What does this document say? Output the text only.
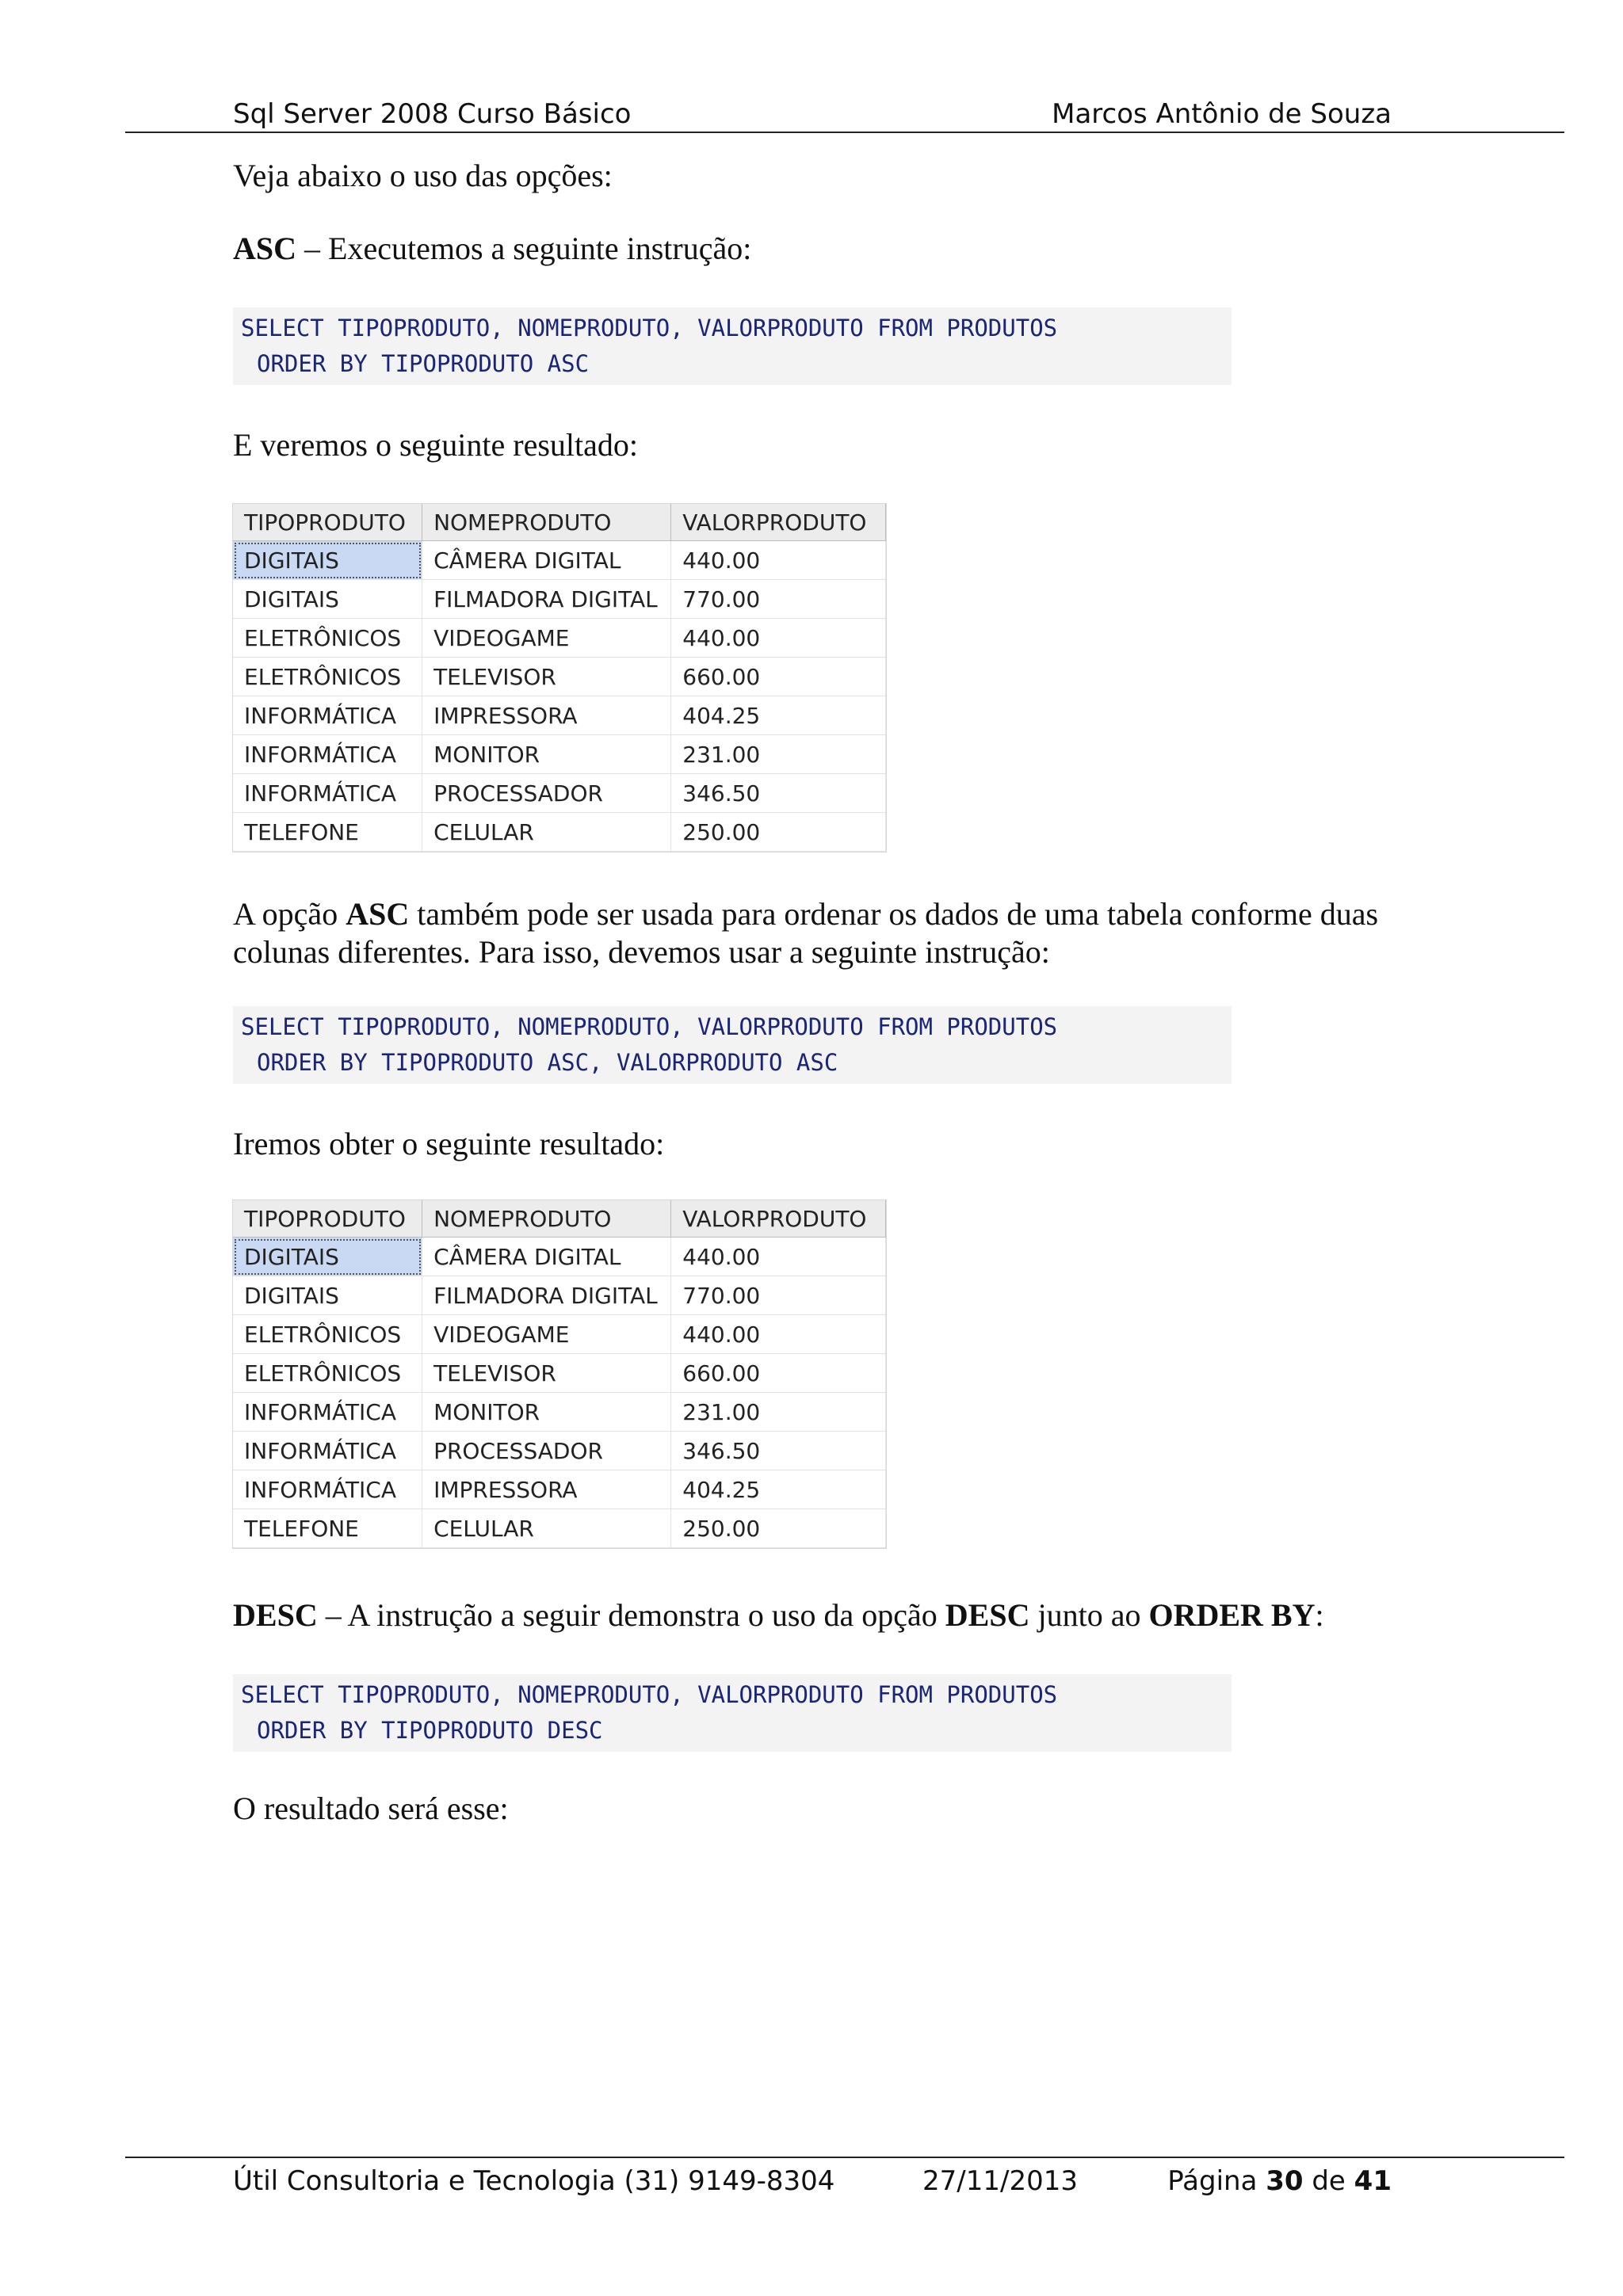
Sql Server 2008 Curso Básico	Marcos Antônio de Souza

Veja abaixo o uso das opções:

ASC – Executemos a seguinte instrução:

SELECT TIPOPRODUTO, NOMEPRODUTO, VALORPRODUTO FROM PRODUTOS
ORDER BY TIPOPRODUTO ASC

E veremos o seguinte resultado:

TIPOPRODUTO	NOMEPRODUTO	VALORPRODUTO
DIGITAIS	CÂMERA DIGITAL	440.00
DIGITAIS	FILMADORA DIGITAL	770.00
ELETRÔNICOS	VIDEOGAME	440.00
ELETRÔNICOS	TELEVISOR	660.00
INFORMÁTICA	IMPRESSORA	404.25
INFORMÁTICA	MONITOR	231.00
INFORMÁTICA	PROCESSADOR	346.50
TELEFONE	CELULAR	250.00

A opção ASC também pode ser usada para ordenar os dados de uma tabela conforme duas colunas diferentes. Para isso, devemos usar a seguinte instrução:

SELECT TIPOPRODUTO, NOMEPRODUTO, VALORPRODUTO FROM PRODUTOS
ORDER BY TIPOPRODUTO ASC, VALORPRODUTO ASC

Iremos obter o seguinte resultado:

TIPOPRODUTO	NOMEPRODUTO	VALORPRODUTO
DIGITAIS	CÂMERA DIGITAL	440.00
DIGITAIS	FILMADORA DIGITAL	770.00
ELETRÔNICOS	VIDEOGAME	440.00
ELETRÔNICOS	TELEVISOR	660.00
INFORMÁTICA	MONITOR	231.00
INFORMÁTICA	PROCESSADOR	346.50
INFORMÁTICA	IMPRESSORA	404.25
TELEFONE	CELULAR	250.00

DESC – A instrução a seguir demonstra o uso da opção DESC junto ao ORDER BY:

SELECT TIPOPRODUTO, NOMEPRODUTO, VALORPRODUTO FROM PRODUTOS
ORDER BY TIPOPRODUTO DESC

O resultado será esse:

Útil Consultoria e Tecnologia (31) 9149-8304	27/11/2013	Página 30 de 41
